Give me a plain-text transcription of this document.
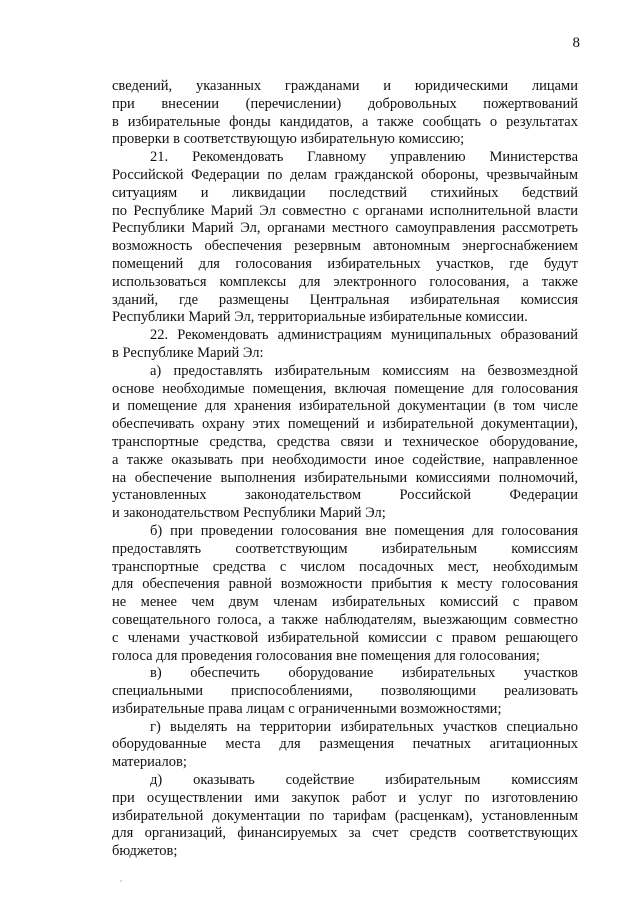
8
сведений, указанных гражданами и юридическими лицами
при внесении (перечислении) добровольных пожертвований
в избирательные фонды кандидатов, а также сообщать о результатах
проверки в соответствующую избирательную комиссию;
21. Рекомендовать Главному управлению Министерства
Российской Федерации по делам гражданской обороны, чрезвычайным
ситуациям и ликвидации последствий стихийных бедствий
по Республике Марий Эл совместно с органами исполнительной власти
Республики Марий Эл, органами местного самоуправления рассмотреть
возможность обеспечения резервным автономным энергоснабжением
помещений для голосования избирательных участков, где будут
использоваться комплексы для электронного голосования, а также
зданий, где размещены Центральная избирательная комиссия
Республики Марий Эл, территориальные избирательные комиссии.
22. Рекомендовать администрациям муниципальных образований
в Республике Марий Эл:
а) предоставлять избирательным комиссиям на безвозмездной
основе необходимые помещения, включая помещение для голосования
и помещение для хранения избирательной документации (в том числе
обеспечивать охрану этих помещений и избирательной документации),
транспортные средства, средства связи и техническое оборудование,
а также оказывать при необходимости иное содействие, направленное
на обеспечение выполнения избирательными комиссиями полномочий,
установленных законодательством Российской Федерации
и законодательством Республики Марий Эл;
б) при проведении голосования вне помещения для голосования
предоставлять соответствующим избирательным комиссиям
транспортные средства с числом посадочных мест, необходимым
для обеспечения равной возможности прибытия к месту голосования
не менее чем двум членам избирательных комиссий с правом
совещательного голоса, а также наблюдателям, выезжающим совместно
с членами участковой избирательной комиссии с правом решающего
голоса для проведения голосования вне помещения для голосования;
в) обеспечить оборудование избирательных участков
специальными приспособлениями, позволяющими реализовать
избирательные права лицам с ограниченными возможностями;
г) выделять на территории избирательных участков специально
оборудованные места для размещения печатных агитационных
материалов;
д) оказывать содействие избирательным комиссиям
при осуществлении ими закупок работ и услуг по изготовлению
избирательной документации по тарифам (расценкам), установленным
для организаций, финансируемых за счет средств соответствующих
бюджетов;
